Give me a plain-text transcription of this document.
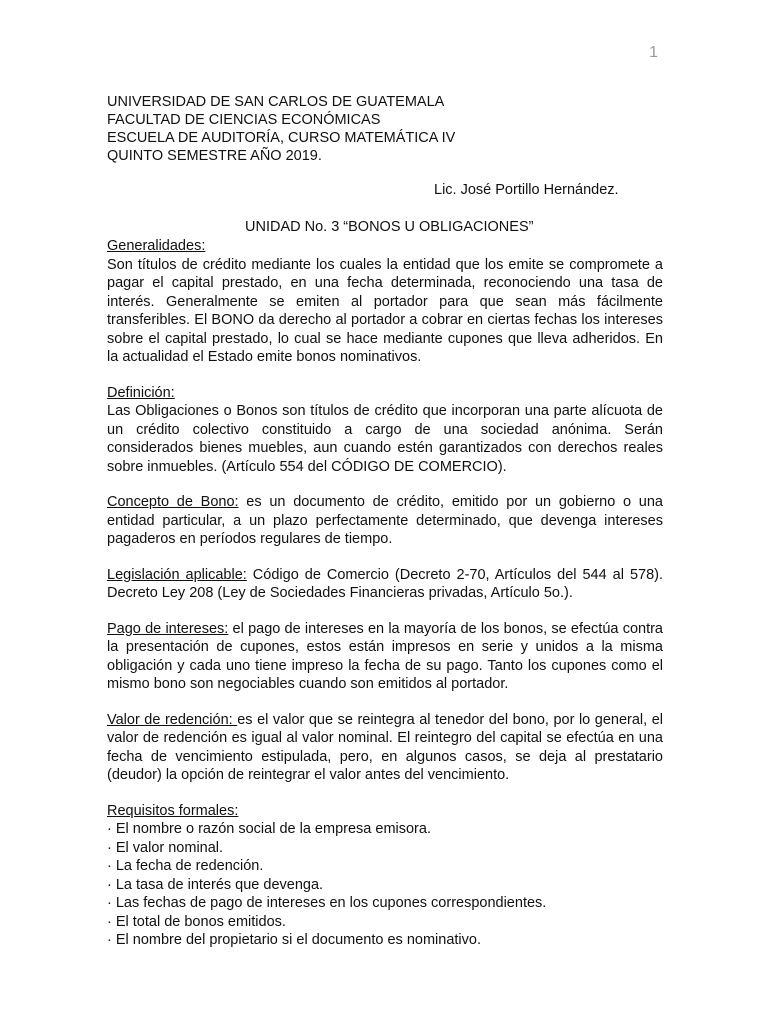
1
UNIVERSIDAD DE SAN CARLOS DE GUATEMALA
FACULTAD DE CIENCIAS ECONÓMICAS
ESCUELA DE AUDITORÍA, CURSO MATEMÁTICA IV
QUINTO SEMESTRE AÑO 2019.
Lic. José Portillo Hernández.
UNIDAD No. 3 “BONOS U OBLIGACIONES”

Generalidades:
Son títulos de crédito mediante los cuales la entidad que los emite se compromete a pagar el capital prestado, en una fecha determinada, reconociendo una tasa de interés. Generalmente se emiten al portador para que sean más fácilmente transferibles. El BONO da derecho al portador a cobrar en ciertas fechas los intereses sobre el capital prestado, lo cual se hace mediante cupones que lleva adheridos. En la actualidad el Estado emite bonos nominativos.

Definición:
Las Obligaciones o Bonos son títulos de crédito que incorporan una parte alícuota de un crédito colectivo constituido a cargo de una sociedad anónima. Serán considerados bienes muebles, aun cuando estén garantizados con derechos reales sobre inmuebles. (Artículo 554 del CÓDIGO DE COMERCIO).

Concepto de Bono: es un documento de crédito, emitido por un gobierno o una entidad particular, a un plazo perfectamente determinado, que devenga intereses pagaderos en períodos regulares de tiempo.

Legislación aplicable: Código de Comercio (Decreto 2-70, Artículos del 544 al 578). Decreto Ley 208 (Ley de Sociedades Financieras privadas, Artículo 5o.).

Pago de intereses: el pago de intereses en la mayoría de los bonos, se efectúa contra la presentación de cupones, estos están impresos en serie y unidos a la misma obligación y cada uno tiene impreso la fecha de su pago. Tanto los cupones como el mismo bono son negociables cuando son emitidos al portador.

Valor de redención: es el valor que se reintegra al tenedor del bono, por lo general, el valor de redención es igual al valor nominal. El reintegro del capital se efectúa en una fecha de vencimiento estipulada, pero, en algunos casos, se deja al prestatario (deudor) la opción de reintegrar el valor antes del vencimiento.

Requisitos formales:
· El nombre o razón social de la empresa emisora.
· El valor nominal.
· La fecha de redención.
· La tasa de interés que devenga.
· Las fechas de pago de intereses en los cupones correspondientes.
· El total de bonos emitidos.
· El nombre del propietario si el documento es nominativo.
